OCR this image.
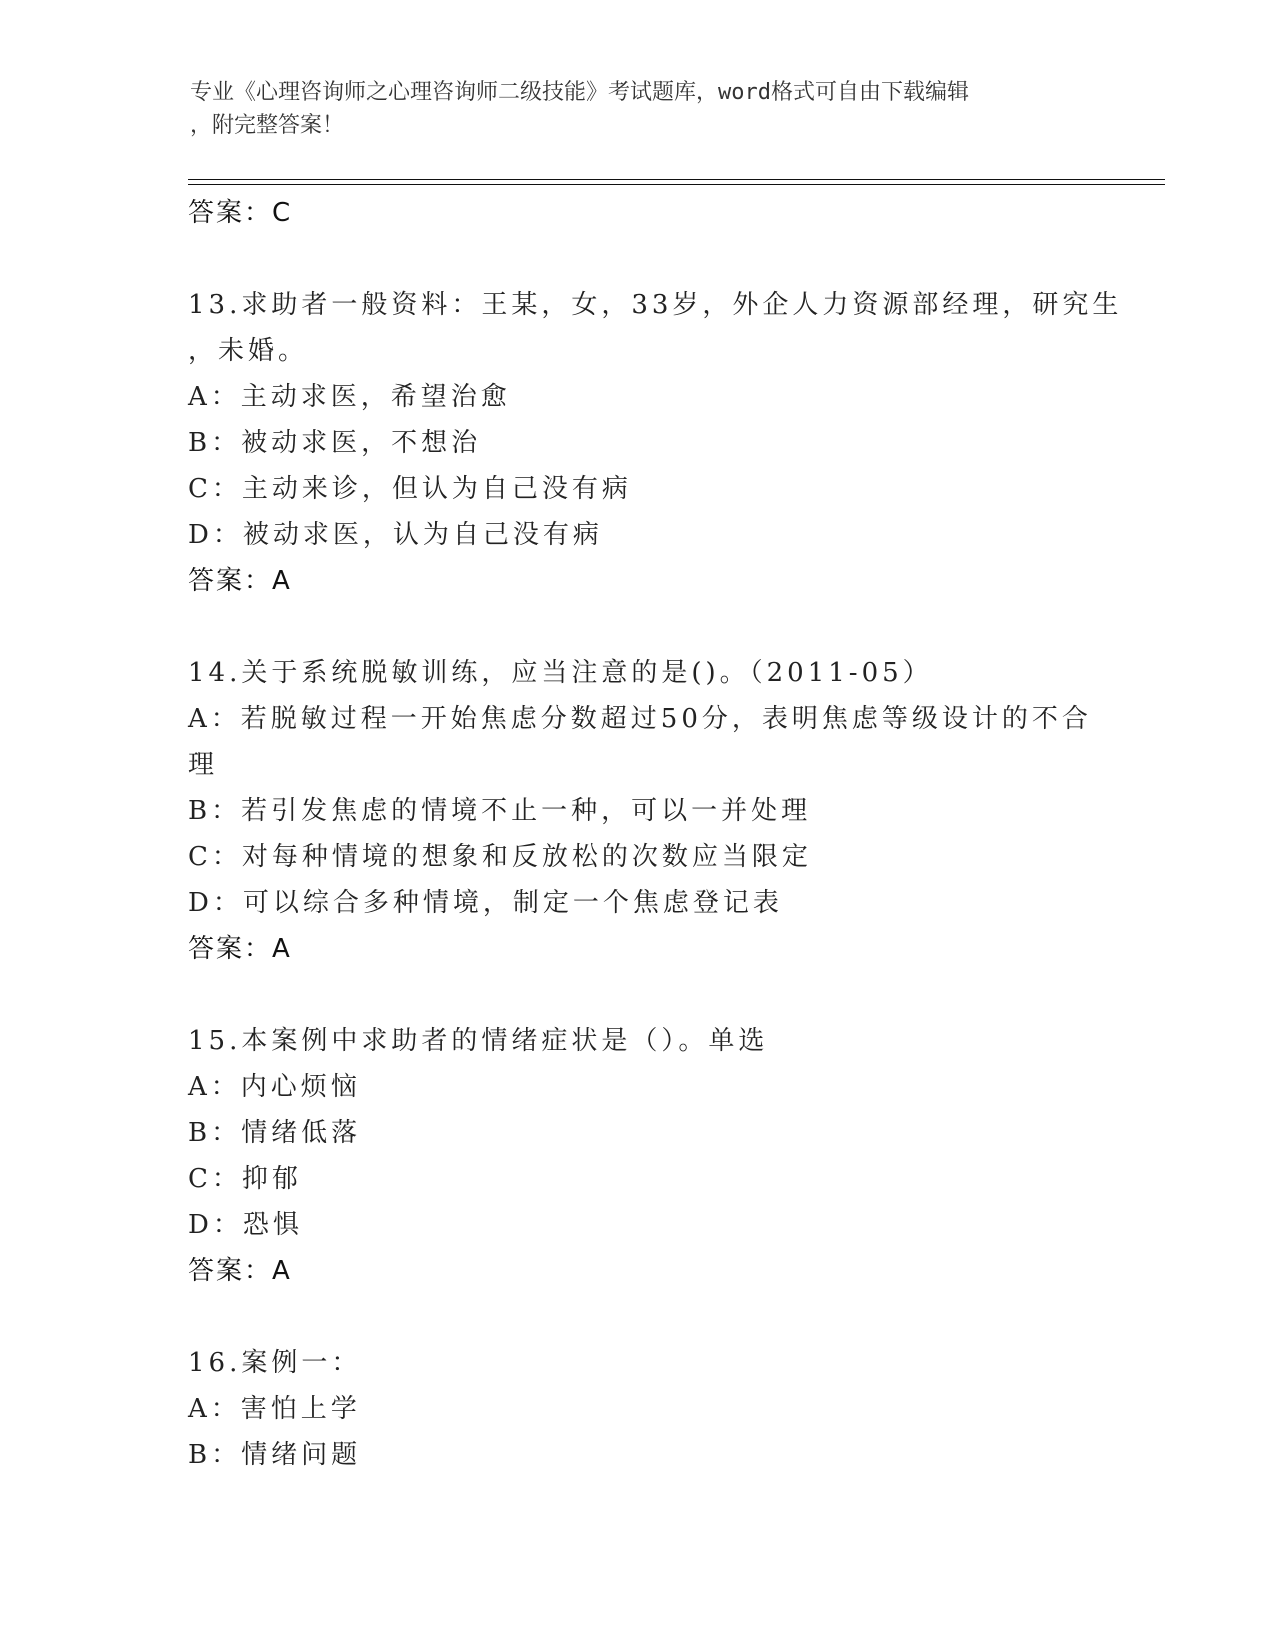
专业《心理咨询师之心理咨询师二级技能》考试题库，word格式可自由下载编辑
，附完整答案！
答案：C
13.求助者一般资料：王某，女，33岁，外企人力资源部经理，研究生
，未婚。
A：主动求医，希望治愈
B：被动求医，不想治
C：主动来诊，但认为自己没有病
D：被动求医，认为自己没有病
答案：A
14.关于系统脱敏训练，应当注意的是()。（2011-05）
A：若脱敏过程一开始焦虑分数超过50分，表明焦虑等级设计的不合
理
B：若引发焦虑的情境不止一种，可以一并处理
C：对每种情境的想象和反放松的次数应当限定
D：可以综合多种情境，制定一个焦虑登记表
答案：A
15.本案例中求助者的情绪症状是（）。单选
A：内心烦恼
B：情绪低落
C：抑郁
D：恐惧
答案：A
16.案例一：
A：害怕上学
B：情绪问题
